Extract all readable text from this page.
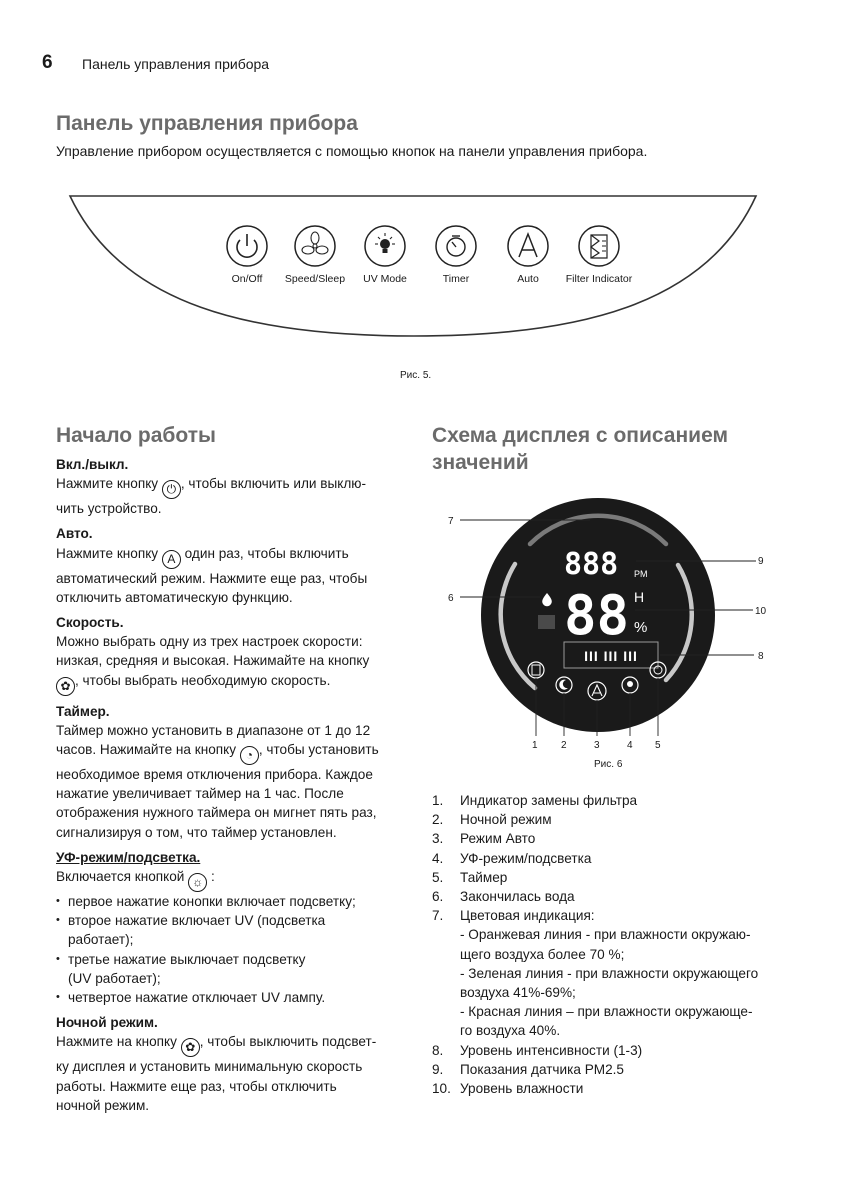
6 Панель управления прибора
Панель управления прибора
Управление прибором осуществляется с помощью кнопок на панели управления прибора.
On/Off	Speed/Sleep	UV Mode	Timer	Auto	Filter Indicator
Рис. 5.
Начало работы
Вкл./выкл.

Нажмите кнопку ⏻ , чтобы включить или выклю-

чить устройство.

Авто.

Нажмите кнопку A один раз, чтобы включить

автоматический режим. Нажмите еще раз, чтобы

отключить автоматическую функцию.

Скорость.

Можно выбрать одну из трех настроек скорости:

низкая, средняя и высокая. Нажимайте на кнопку

✿ , чтобы выбрать необходимую скорость.

Таймер.

Таймер можно установить в диапазоне от 1 до 12

часов. Нажимайте на кнопку ◔ , чтобы установить

необходимое время отключения прибора. Каждое

нажатие увеличивает таймер на 1 час. После

отображения нужного таймера он мигнет пять раз,

сигнализируя о том, что таймер установлен.

УФ-режим/подсветка.

Включается кнопкой ☼ :

• первое нажатие конопки включает подсветку;

• второе нажатие включает UV (подсветка

работает);

• третье нажатие выключает подсветку

(UV работает);

• четвертое нажатие отключает UV лампу.

Ночной режим.

Нажмите на кнопку ✿ , чтобы выключить подсвет-

ку дисплея и установить минимальную скорость

работы. Нажмите еще раз, чтобы отключить

ночной режим.

Схема дисплея с описанием
значений
888 PM
88 H
%
III III III
7
6
9
10
8
1 2	3	4 5
Рис. 6
1. Индикатор замены фильтра
2. Ночной режим
3. Режим Авто
4. УФ-режим/подсветка
5. Таймер
6. Закончилась вода
7. Цветовая индикация:
- Оранжевая линия - при влажности окружаю-
щего воздуха более 70 %;
- Зеленая линия - при влажности окружающего
воздуха 41%-69%;
- Красная линия – при влажности окружающе-
го воздуха 40%.
8. Уровень интенсивности (1-3)
9. Показания датчика PM2.5
10. Уровень влажности
